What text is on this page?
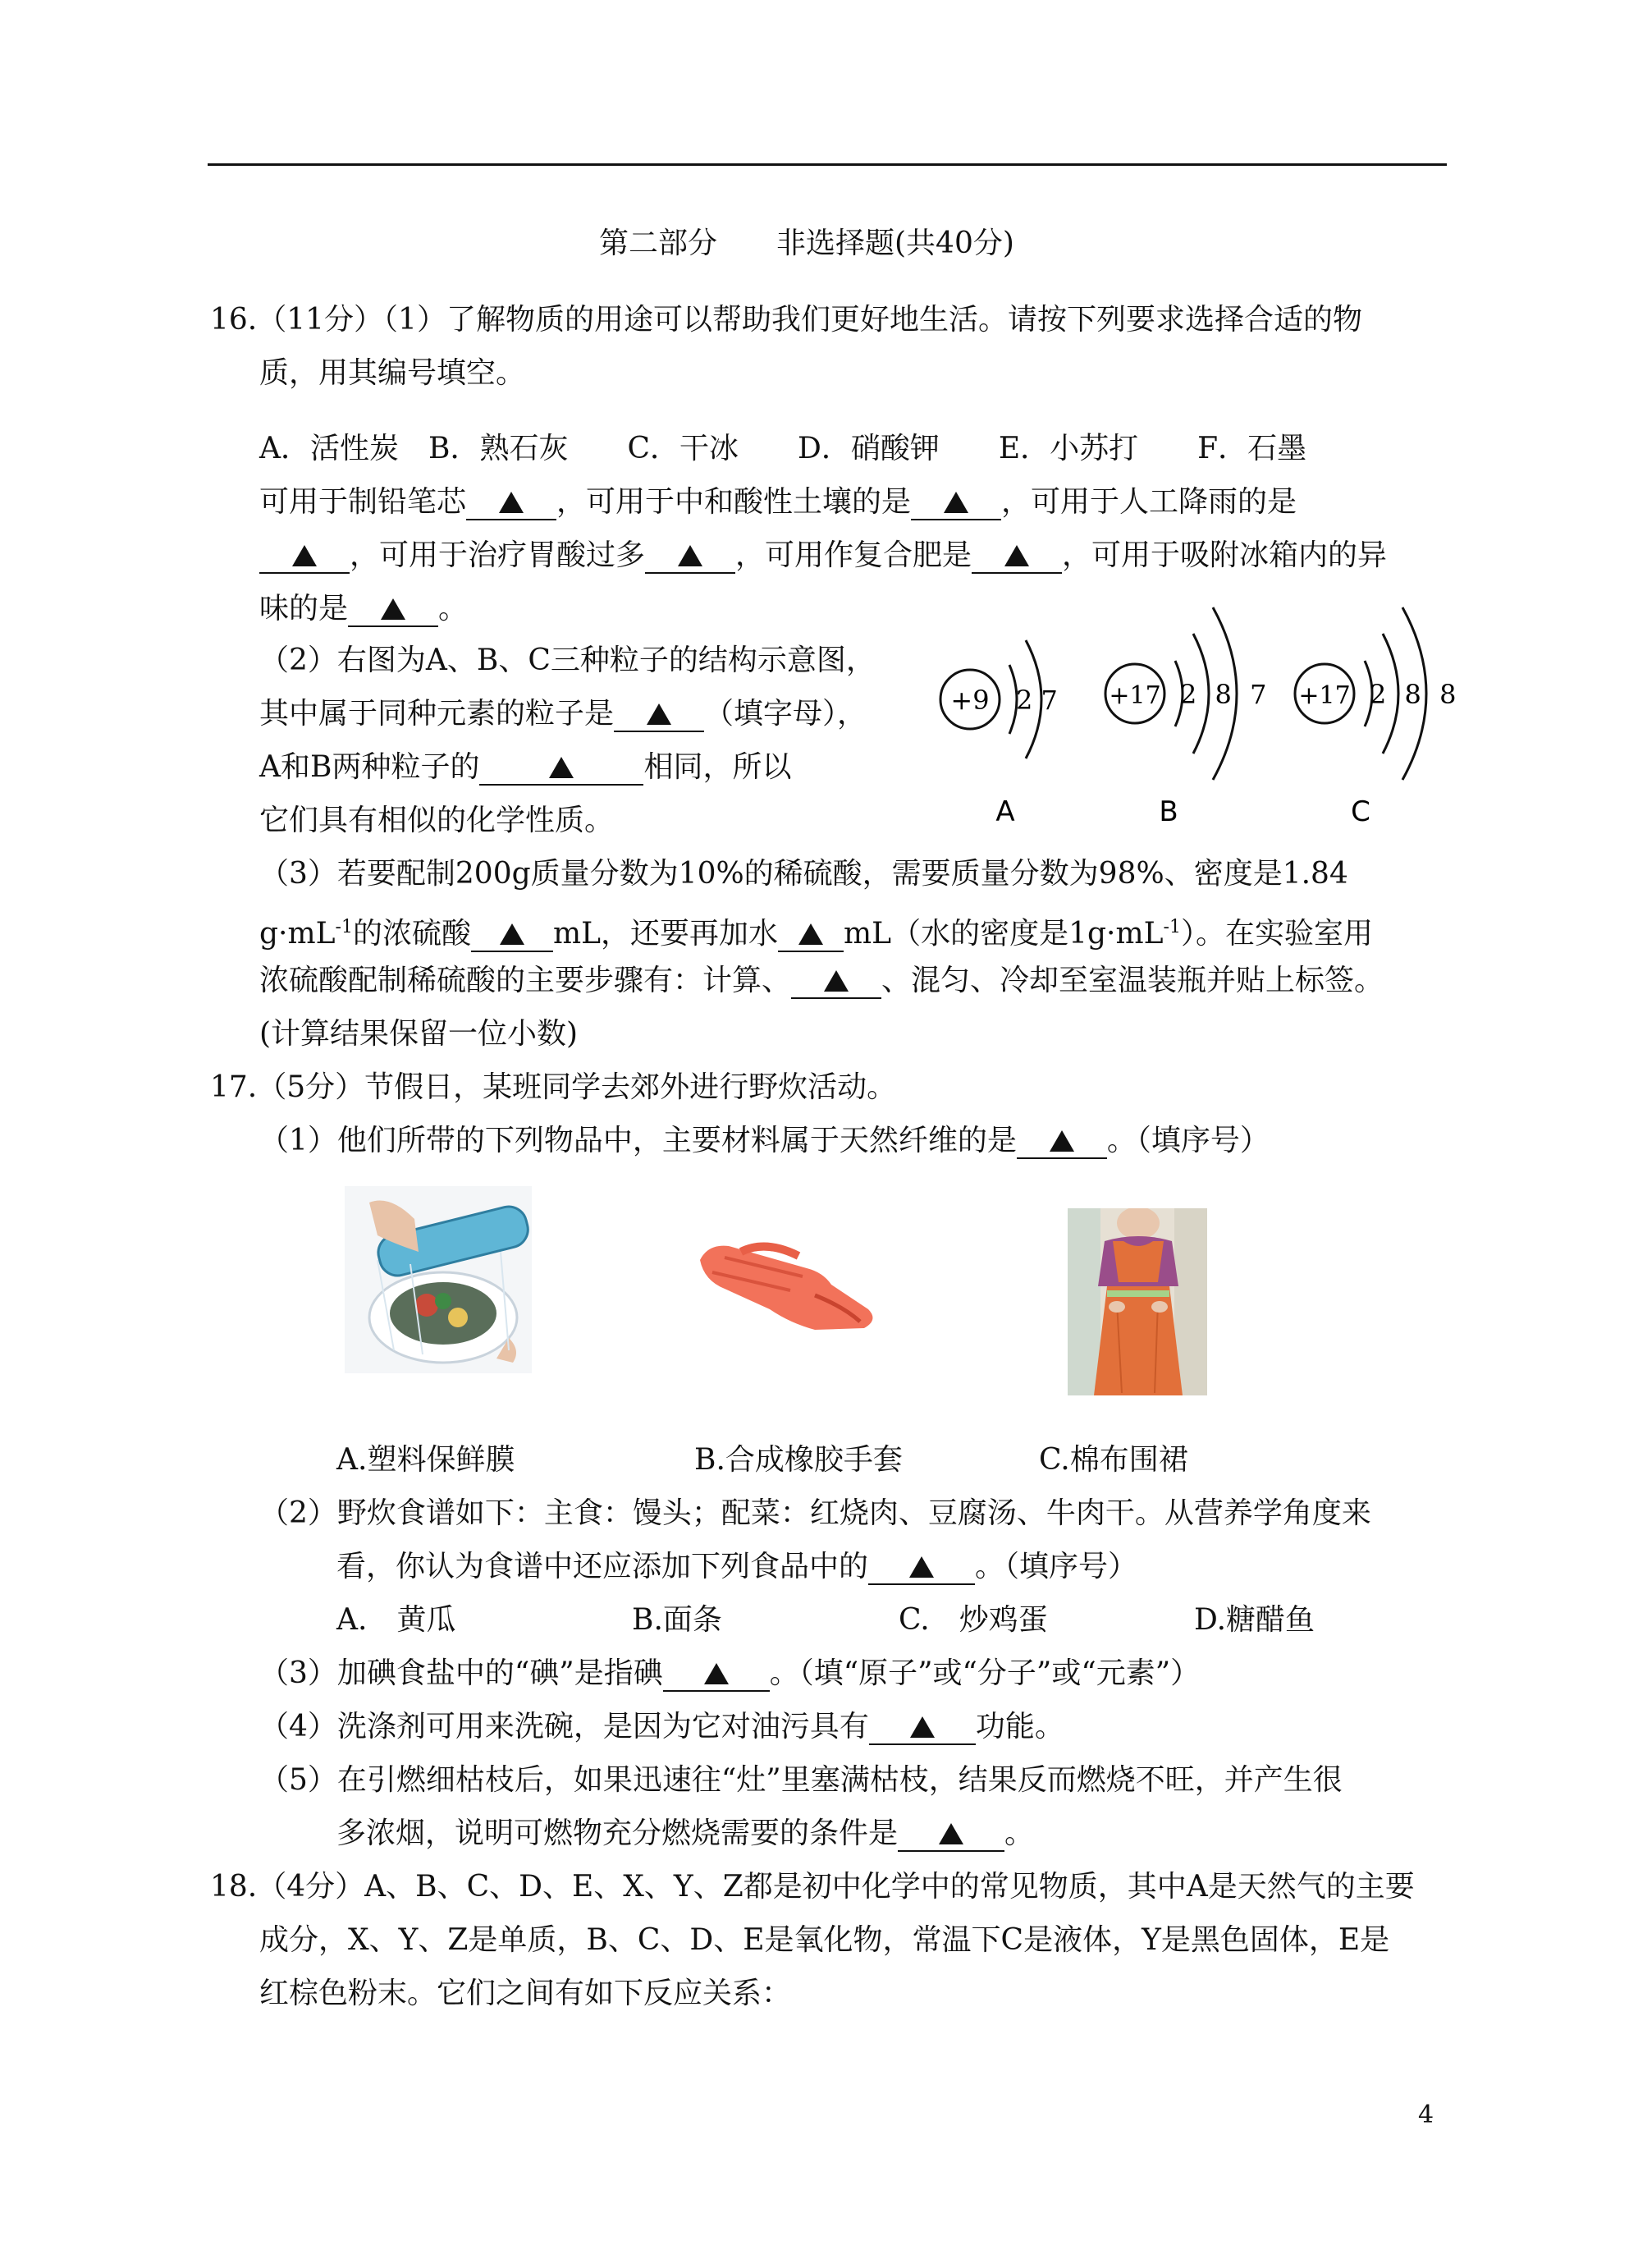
第二部分　　非选择题(共40分)
16.（11分）（1）了解物质的用途可以帮助我们更好地生活。请按下列要求选择合适的物
质，用其编号填空。
A．活性炭　B．熟石灰　　C．干冰　　D．硝酸钾　　E．小苏打　　F．石墨
可用于制铅笔芯	，可用于中和酸性土壤的是	，可用于人工降雨的是
，可用于治疗胃酸过多	，可用作复合肥是	，可用于吸附冰箱内的异
味的是	。
（2）右图为A、B、C三种粒子的结构示意图，
其中属于同种元素的粒子是	（填字母），
A和B两种粒子的	相同，所以
它们具有相似的化学性质。
+9 2 7
A
+17 2 8 7
B
+17 2 8 8
C
（3）若要配制200g质量分数为10%的稀硫酸，需要质量分数为98%、密度是1.84
$g\cdot mL^{-1}$的浓硫酸	mL，还要再加水 mL（水的密度是$1g\cdot mL^{-1}$）。在实验室用
浓硫酸配制稀硫酸的主要步骤有：计算、	、混匀、冷却至室温装瓶并贴上标签。
(计算结果保留一位小数)
17.（5分）节假日，某班同学去郊外进行野炊活动。
（1）他们所带的下列物品中，主要材料属于天然纤维的是	。（填序号）
A.塑料保鲜膜	B.合成橡胶手套	C.棉布围裙
（2）野炊食谱如下：主食：馒头；配菜：红烧肉、豆腐汤、牛肉干。从营养学角度来
看，你认为食谱中还应添加下列食品中的	。（填序号）
A.　黄瓜	B.面条	C.　炒鸡蛋	D.糖醋鱼
（3）加碘食盐中的“碘”是指碘	。（填“原子”或“分子”或“元素”）
（4）洗涤剂可用来洗碗，是因为它对油污具有	功能。
（5）在引燃细枯枝后，如果迅速往“灶”里塞满枯枝，结果反而燃烧不旺，并产生很
多浓烟，说明可燃物充分燃烧需要的条件是	。
18.（4分）A、B、C、D、E、X、Y、Z都是初中化学中的常见物质，其中A是天然气的主要
成分，X、Y、Z是单质，B、C、D、E是氧化物，常温下C是液体，Y是黑色固体，E是
红棕色粉末。它们之间有如下反应关系：
4
